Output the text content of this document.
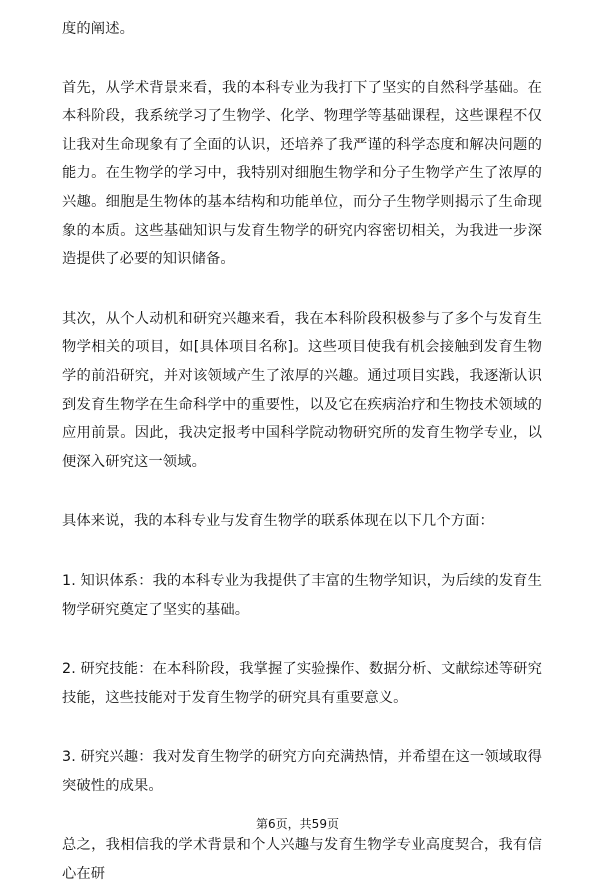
度的阐述。

首先，从学术背景来看，我的本科专业为我打下了坚实的自然科学基础。在本科阶段，我系统学习了生物学、化学、物理学等基础课程，这些课程不仅让我对生命现象有了全面的认识，还培养了我严谨的科学态度和解决问题的能力。在生物学的学习中，我特别对细胞生物学和分子生物学产生了浓厚的兴趣。细胞是生物体的基本结构和功能单位，而分子生物学则揭示了生命现象的本质。这些基础知识与发育生物学的研究内容密切相关，为我进一步深造提供了必要的知识储备。

其次，从个人动机和研究兴趣来看，我在本科阶段积极参与了多个与发育生物学相关的项目，如[具体项目名称]。这些项目使我有机会接触到发育生物学的前沿研究，并对该领域产生了浓厚的兴趣。通过项目实践，我逐渐认识到发育生物学在生命科学中的重要性，以及它在疾病治疗和生物技术领域的应用前景。因此，我决定报考中国科学院动物研究所的发育生物学专业，以便深入研究这一领域。

具体来说，我的本科专业与发育生物学的联系体现在以下几个方面：

1. 知识体系：我的本科专业为我提供了丰富的生物学知识，为后续的发育生物学研究奠定了坚实的基础。

2. 研究技能：在本科阶段，我掌握了实验操作、数据分析、文献综述等研究技能，这些技能对于发育生物学的研究具有重要意义。

3. 研究兴趣：我对发育生物学的研究方向充满热情，并希望在这一领域取得突破性的成果。

总之，我相信我的学术背景和个人兴趣与发育生物学专业高度契合，我有信心在研

第6页，共59页
